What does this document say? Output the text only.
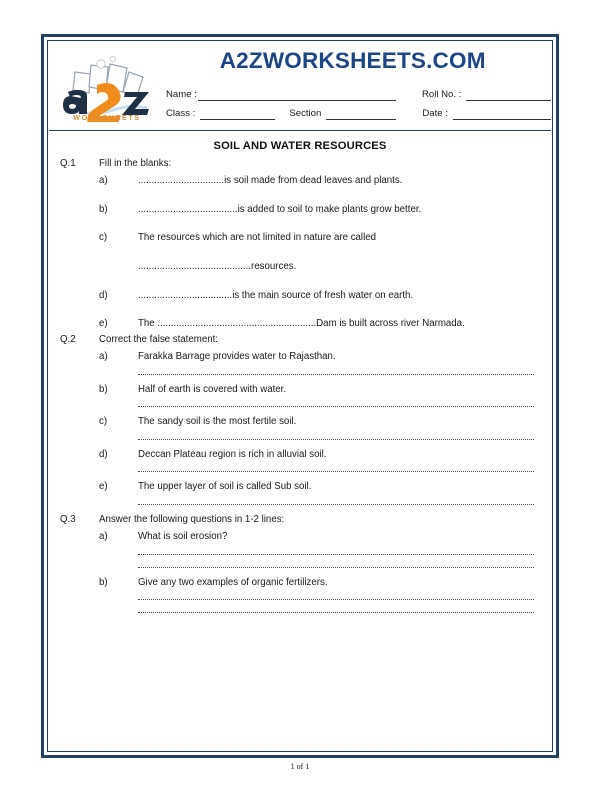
WORKSHEETS
A2ZWORKSHEETS.COM
Name :	Roll No. :
Class :	Section	Date :
SOIL AND WATER RESOURCES
Q.1	Fill in the blanks:
a)	................................is soil made from dead leaves and plants.
b)	.....................................is added to soil to make plants grow better.
c)	The resources which are not limited in nature are called
..........................................resources.
d)	...................................is the main source of fresh water on earth.
e)	The ...........................................................Dam is built across river Narmada.
Q.2	Correct the false statement:
a)	Farakka Barrage provides water to Rajasthan.
b)	Half of earth is covered with water.
c)	The sandy soil is the most fertile soil.
d)	Deccan Plateau region is rich in alluvial soil.
e)	The upper layer of soil is called Sub soil.
Q.3	Answer the following questions in 1-2 lines:
a)	What is soil erosion?
b)	Give any two examples of organic fertilizers.
1 of 1
